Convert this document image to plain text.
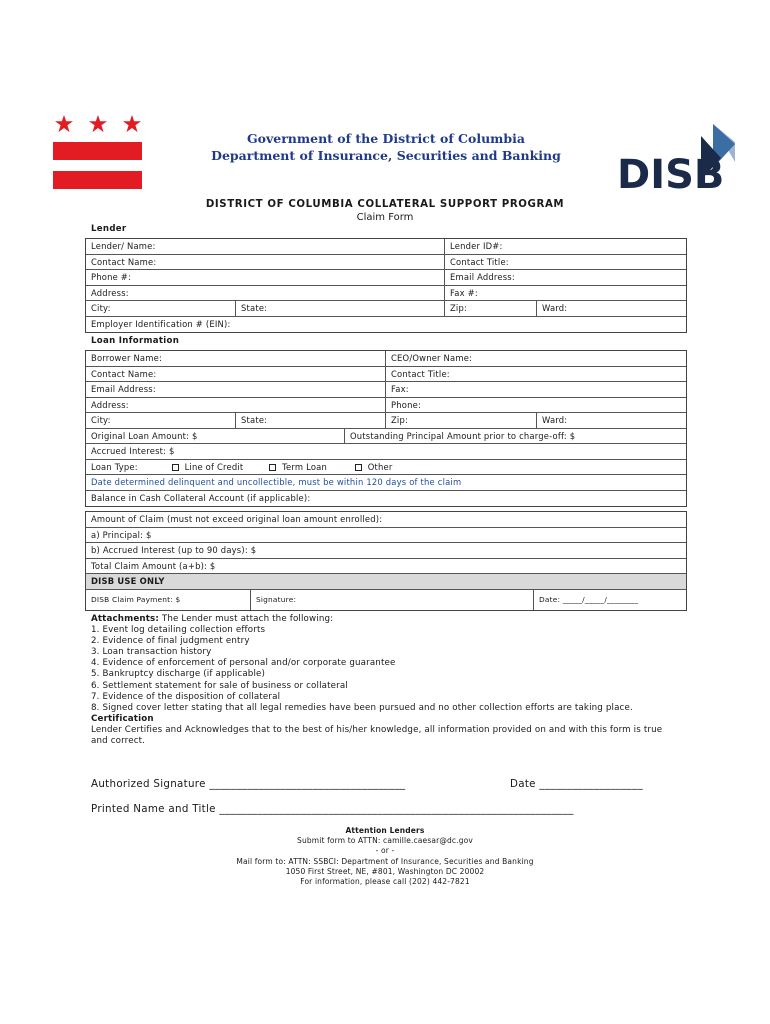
Government of the District of Columbia
Department of Insurance, Securities and Banking	DISB
DISTRICT OF COLUMBIA COLLATERAL SUPPORT PROGRAM
Claim Form
Lender
Lender/ Name:	Lender ID#:
Contact Name:	Contact Title:
Phone #:	Email Address:
Address:	Fax #:
City:	State:	Zip:	Ward:
Employer Identification # (EIN):
Loan Information
Borrower Name:	CEO/Owner Name:
Contact Name:	Contact Title:
Email Address:	Fax:
Address:	Phone:
City:	State:	Zip:	Ward:
Original Loan Amount: $	Outstanding Principal Amount prior to charge-off: $
Accrued Interest: $
Loan Type:	Line of Credit	Term Loan	Other
Date determined delinquent and uncollectible, must be within 120 days of the claim
Balance in Cash Collateral Account (if applicable):
Amount of Claim (must not exceed original loan amount enrolled):
a) Principal: $
b) Accrued Interest (up to 90 days): $
Total Claim Amount (a+b): $
DISB USE ONLY
DISB Claim Payment: $	Signature:	Date: _____/_____/________
Attachments: The Lender must attach the following:
1. Event log detailing collection efforts
2. Evidence of final judgment entry
3. Loan transaction history
4. Evidence of enforcement of personal and/or corporate guarantee
5. Bankruptcy discharge (if applicable)
6. Settlement statement for sale of business or collateral
7. Evidence of the disposition of collateral
8. Signed cover letter stating that all legal remedies have been pursued and no other collection efforts are taking place.
Certification
Lender Certifies and Acknowledges that to the best of his/her knowledge, all information provided on and with this form is true and correct.
Authorized Signature ____________________________________	Date ___________________
Printed Name and Title _________________________________________________________________
Attention Lenders
Submit form to ATTN: camille.caesar@dc.gov
- or -
Mail form to: ATTN: SSBCI: Department of Insurance, Securities and Banking
1050 First Street, NE, #801, Washington DC 20002
For information, please call (202) 442-7821
